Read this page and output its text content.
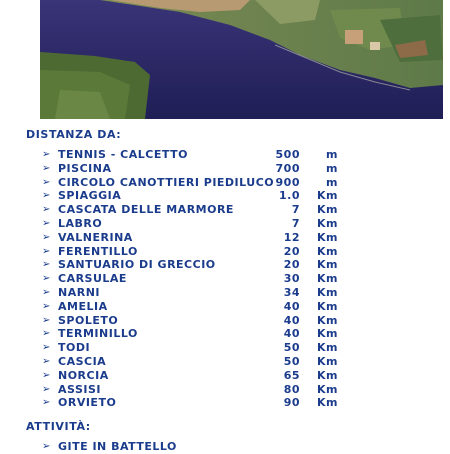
DISTANZA DA:
➢ TENNIS - CALCETTO	500	m
➢ PISCINA	700	m
➢ CIRCOLO CANOTTIERI PIEDILUCO 900	m
➢ SPIAGGIA	1.0	Km
➢ CASCATA DELLE MARMORE	7	Km
➢ LABRO	7	Km
➢ VALNERINA	12	Km
➢ FERENTILLO	20	Km
➢ SANTUARIO DI GRECCIO	20	Km
➢ CARSULAE	30	Km
➢ NARNI	34	Km
➢ AMELIA	40	Km
➢ SPOLETO	40	Km
➢ TERMINILLO	40	Km
➢ TODI	50	Km
➢ CASCIA	50	Km
➢ NORCIA	65	Km
➢ ASSISI	80	Km
➢ ORVIETO	90	Km
ATTIVITÀ:
➢ GITE IN BATTELLO
